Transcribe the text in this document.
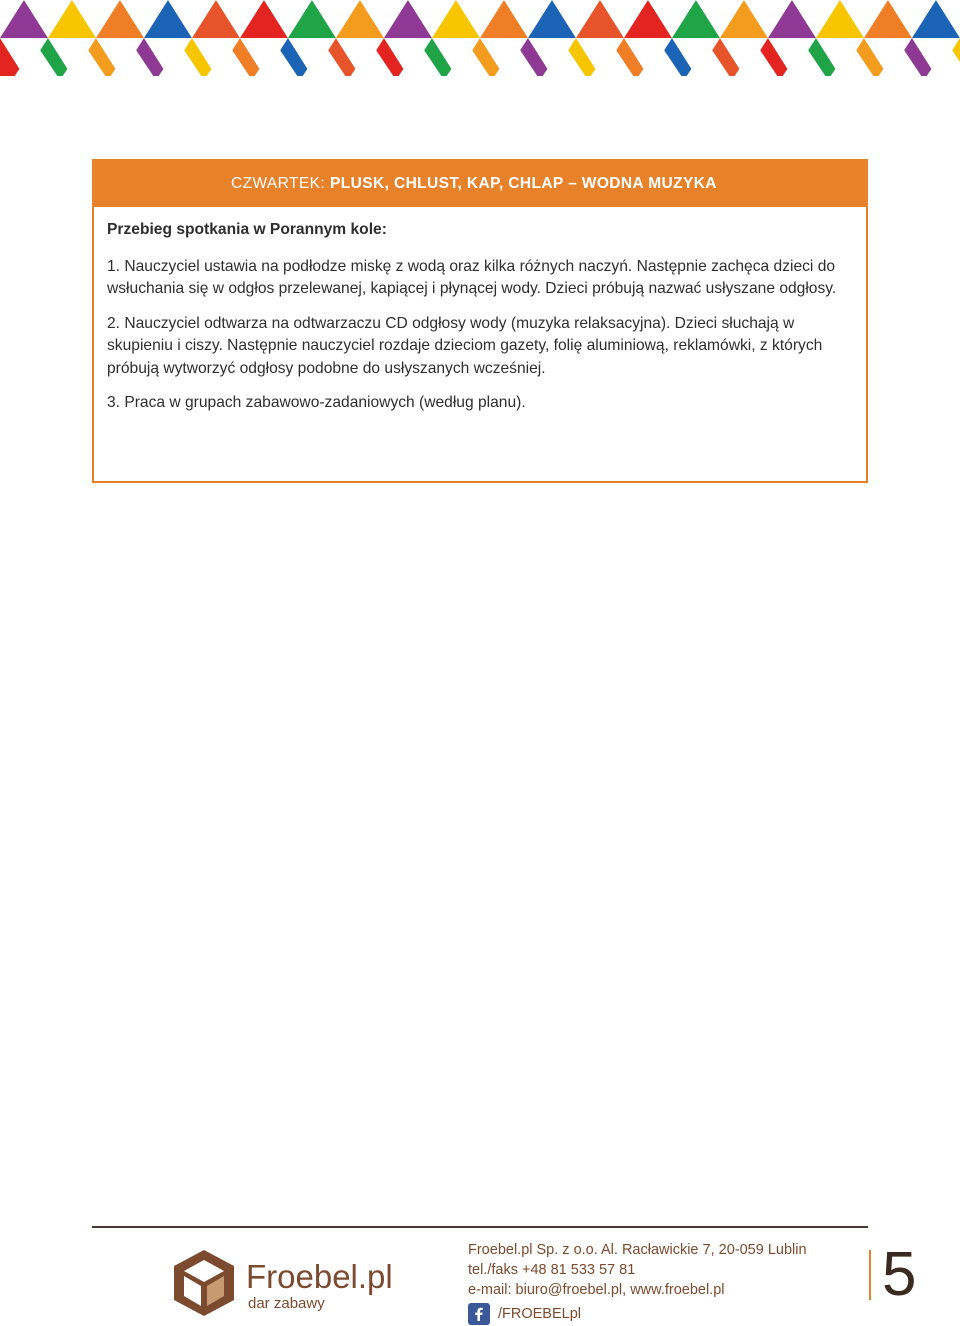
CZWARTEK: PLUSK, CHLUST, KAP, CHLAP – WODNA MUZYKA

Przebieg spotkania w Porannym kole:

1. Nauczyciel ustawia na podłodze miskę z wodą oraz kilka różnych naczyń. Następnie zachęca dzieci do wsłuchania się w odgłos przelewanej, kapiącej i płynącej wody. Dzieci próbują nazwać usłyszane odgłosy.

2. Nauczyciel odtwarza na odtwarzaczu CD odgłosy wody (muzyka relaksacyjna). Dzieci słuchają w skupieniu i ciszy. Następnie nauczyciel rozdaje dzieciom gazety, folię aluminiową, reklamówki, z których próbują wytworzyć odgłosy podobne do usłyszanych wcześniej.

3. Praca w grupach zabawowo-zadaniowych (według planu).

Froebel.pl
dar zabawy
Froebel.pl Sp. z o.o. Al. Racławickie 7, 20-059 Lublin
tel./faks +48 81 533 57 81
e-mail: biuro@froebel.pl, www.froebel.pl
/FROEBELpl
5
